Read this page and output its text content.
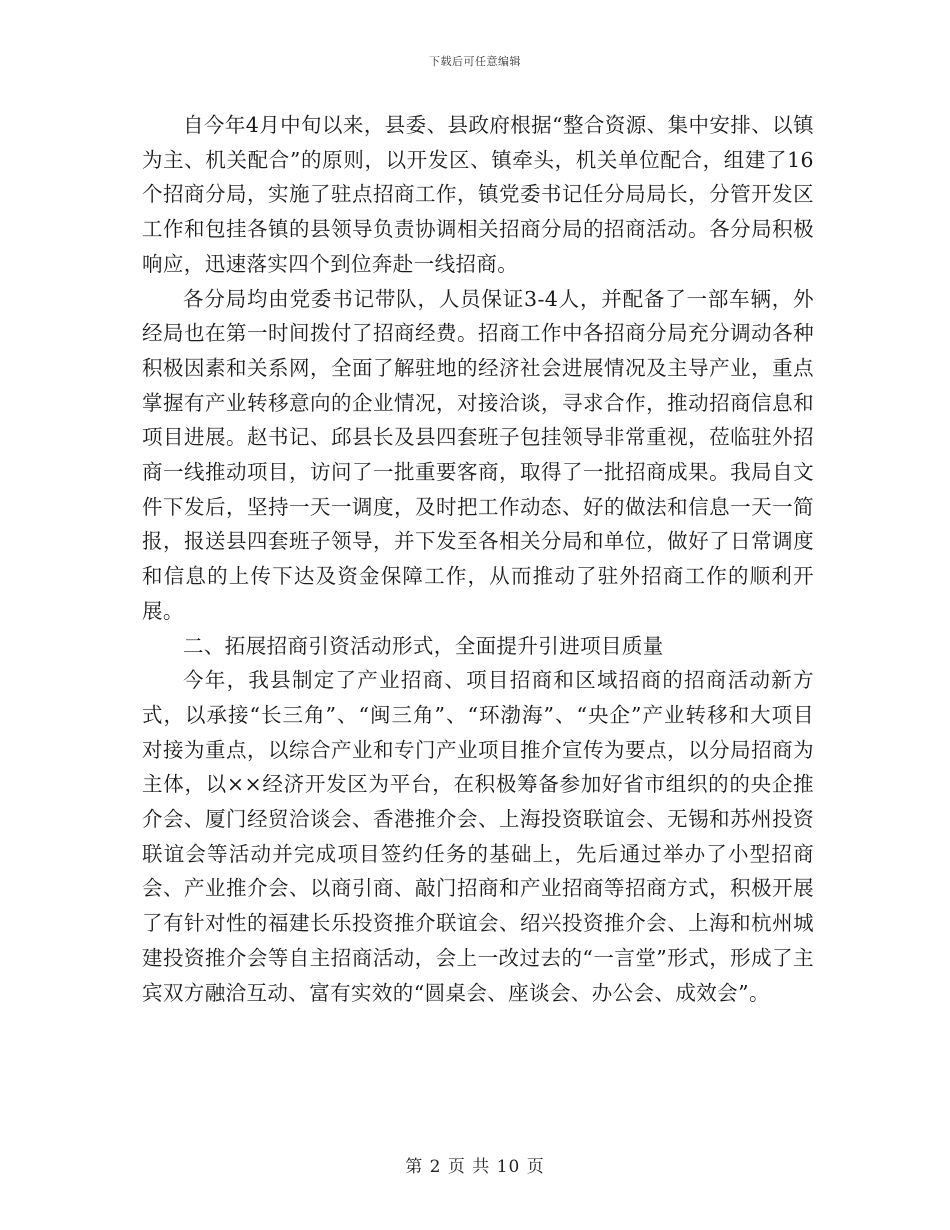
下载后可任意编辑

自今年4月中旬以来，县委、县政府根据“整合资源、集中安排、以镇为主、机关配合”的原则，以开发区、镇牵头，机关单位配合，组建了16个招商分局，实施了驻点招商工作，镇党委书记任分局局长，分管开发区工作和包挂各镇的县领导负责协调相关招商分局的招商活动。各分局积极响应，迅速落实四个到位奔赴一线招商。

各分局均由党委书记带队，人员保证3-4人，并配备了一部车辆，外经局也在第一时间拨付了招商经费。招商工作中各招商分局充分调动各种积极因素和关系网，全面了解驻地的经济社会进展情况及主导产业，重点掌握有产业转移意向的企业情况，对接洽谈，寻求合作，推动招商信息和项目进展。赵书记、邱县长及县四套班子包挂领导非常重视，莅临驻外招商一线推动项目，访问了一批重要客商，取得了一批招商成果。我局自文件下发后，坚持一天一调度，及时把工作动态、好的做法和信息一天一简报，报送县四套班子领导，并下发至各相关分局和单位，做好了日常调度和信息的上传下达及资金保障工作，从而推动了驻外招商工作的顺利开展。

二、拓展招商引资活动形式，全面提升引进项目质量

今年，我县制定了产业招商、项目招商和区域招商的招商活动新方式，以承接“长三角”、“闽三角”、“环渤海”、“央企”产业转移和大项目对接为重点，以综合产业和专门产业项目推介宣传为要点，以分局招商为主体，以××经济开发区为平台，在积极筹备参加好省市组织的的央企推介会、厦门经贸洽谈会、香港推介会、上海投资联谊会、无锡和苏州投资联谊会等活动并完成项目签约任务的基础上，先后通过举办了小型招商会、产业推介会、以商引商、敲门招商和产业招商等招商方式，积极开展了有针对性的福建长乐投资推介联谊会、绍兴投资推介会、上海和杭州城建投资推介会等自主招商活动，会上一改过去的“一言堂”形式，形成了主宾双方融洽互动、富有实效的“圆桌会、座谈会、办公会、成效会”。

第 2 页 共 10 页
